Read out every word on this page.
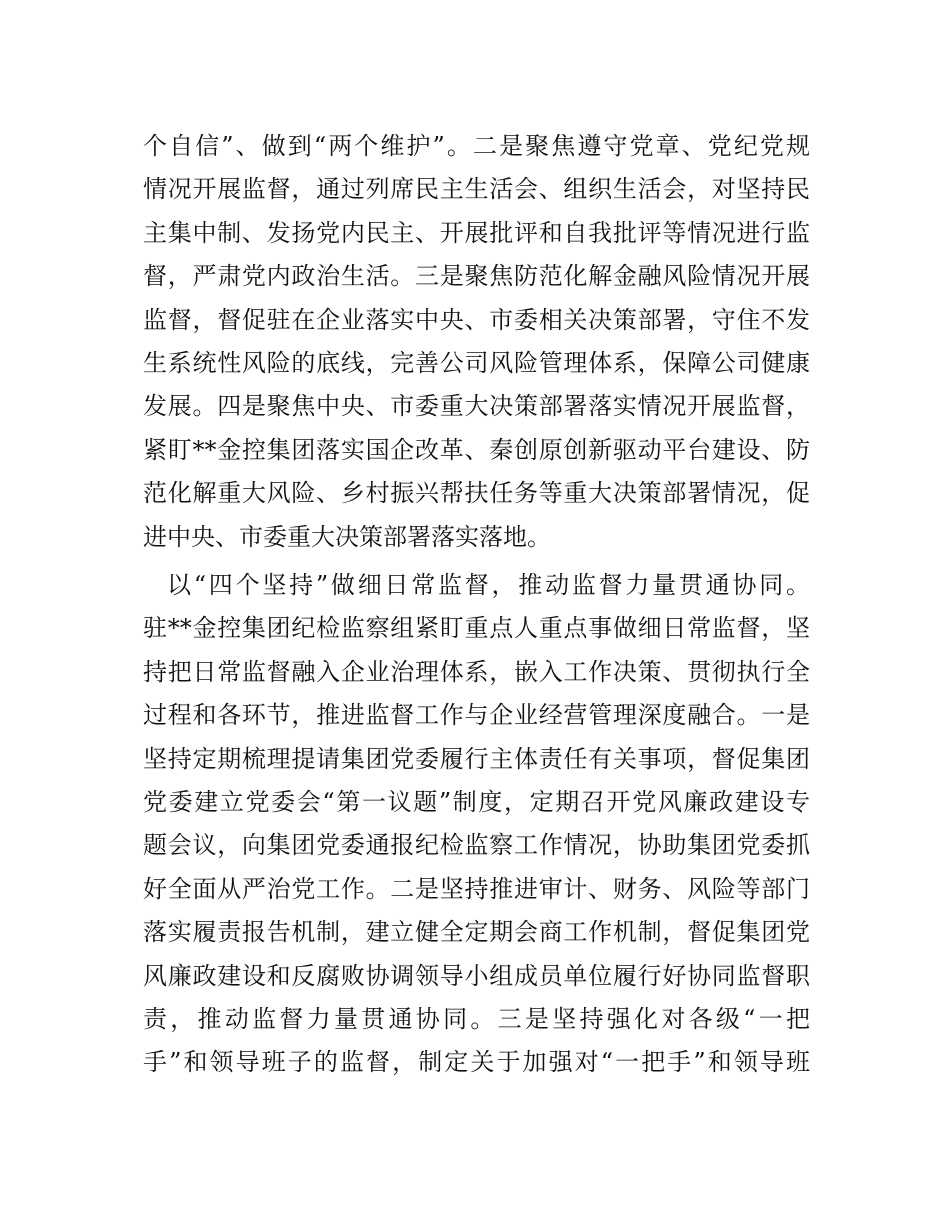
个自信”、做到“两个维护”。二是聚焦遵守党章、党纪党规
情况开展监督，通过列席民主生活会、组织生活会，对坚持民
主集中制、发扬党内民主、开展批评和自我批评等情况进行监
督，严肃党内政治生活。三是聚焦防范化解金融风险情况开展
监督，督促驻在企业落实中央、市委相关决策部署，守住不发
生系统性风险的底线，完善公司风险管理体系，保障公司健康
发展。四是聚焦中央、市委重大决策部署落实情况开展监督，
紧盯**金控集团落实国企改革、秦创原创新驱动平台建设、防
范化解重大风险、乡村振兴帮扶任务等重大决策部署情况，促
进中央、市委重大决策部署落实落地。
以“四个坚持”做细日常监督，推动监督力量贯通协同。
驻**金控集团纪检监察组紧盯重点人重点事做细日常监督，坚
持把日常监督融入企业治理体系，嵌入工作决策、贯彻执行全
过程和各环节，推进监督工作与企业经营管理深度融合。一是
坚持定期梳理提请集团党委履行主体责任有关事项，督促集团
党委建立党委会“第一议题”制度，定期召开党风廉政建设专
题会议，向集团党委通报纪检监察工作情况，协助集团党委抓
好全面从严治党工作。二是坚持推进审计、财务、风险等部门
落实履责报告机制，建立健全定期会商工作机制，督促集团党
风廉政建设和反腐败协调领导小组成员单位履行好协同监督职
责，推动监督力量贯通协同。三是坚持强化对各级“一把
手”和领导班子的监督，制定关于加强对“一把手”和领导班
